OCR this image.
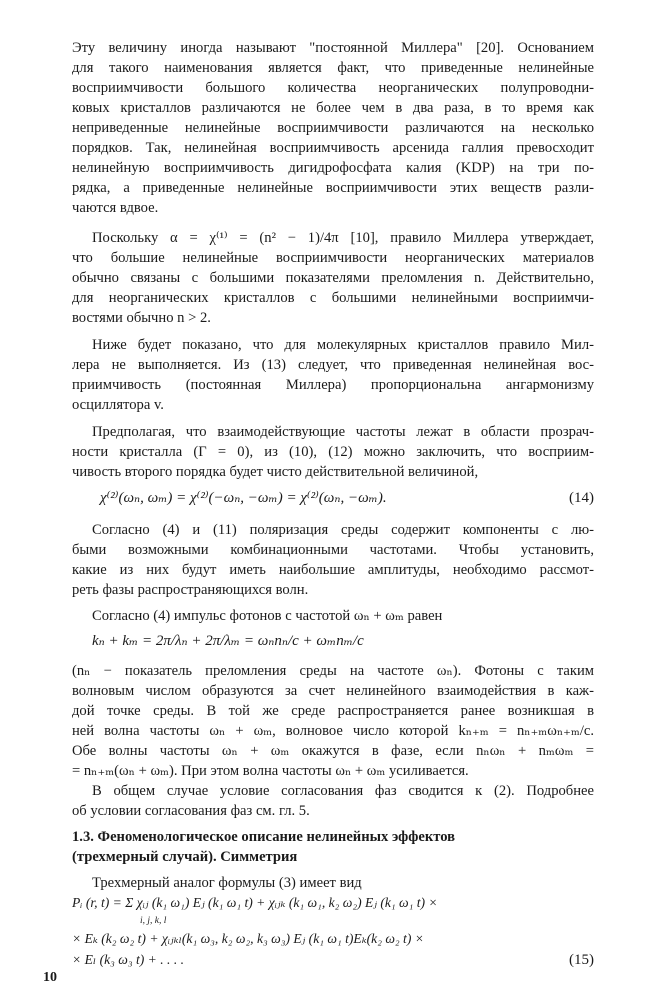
Эту величину иногда называют "постоянной Миллера" [20]. Основанием
для такого наименования является факт, что приведенные нелинейные
восприимчивости большого количества неорганических полупроводни-
ковых кристаллов различаются не более чем в два раза, в то время как
неприведенные нелинейные восприимчивости различаются на несколько
порядков. Так, нелинейная восприимчивость арсенида галлия превосходит
нелинейную восприимчивость дигидрофосфата калия (KDP) на три по-
рядка, а приведенные нелинейные восприимчивости этих веществ разли-
чаются вдвое.
Поскольку α = χ⁽¹⁾ = (n² − 1)/4π [10], правило Миллера утверждает,
что большие нелинейные восприимчивости неорганических материалов
обычно связаны с большими показателями преломления n. Действительно,
для неорганических кристаллов с большими нелинейными восприимчи-
востями обычно n > 2.
Ниже будет показано, что для молекулярных кристаллов правило Мил-
лера не выполняется. Из (13) следует, что приведенная нелинейная вос-
приимчивость (постоянная Миллера) пропорциональна ангармонизму
осциллятора v.
Предполагая, что взаимодействующие частоты лежат в области прозрач-
ности кристалла (Γ = 0), из (10), (12) можно заключить, что восприим-
чивость второго порядка будет чисто действительной величиной,
χ⁽²⁾(ωₙ, ωₘ) = χ⁽²⁾(−ωₙ, −ωₘ) = χ⁽²⁾(ωₙ, −ωₘ).	(14)
Согласно (4) и (11) поляризация среды содержит компоненты с лю-
быми возможными комбинационными частотами. Чтобы установить,
какие из них будут иметь наибольшие амплитуды, необходимо рассмот-
реть фазы распространяющихся волн.
Согласно (4) импульс фотонов с частотой ωₙ + ωₘ равен
kₙ + kₘ = 2π/λₙ + 2π/λₘ = ωₙnₙ/c + ωₘnₘ/c
(nₙ − показатель преломления среды на частоте ωₙ). Фотоны с таким
волновым числом образуются за счет нелинейного взаимодействия в каж-
дой точке среды. В той же среде распространяется ранее возникшая в
ней волна частоты ωₙ + ωₘ, волновое число которой kₙ₊ₘ = nₙ₊ₘωₙ₊ₘ/c.
Обе волны частоты ωₙ + ωₘ окажутся в фазе, если nₙωₙ + nₘωₘ =
= nₙ₊ₘ(ωₙ + ωₘ). При этом волна частоты ωₙ + ωₘ усиливается.
В общем случае условие согласования фаз сводится к (2). Подробнее
об условии согласования фаз см. гл. 5.
1.3. Феноменологическое описание нелинейных эффектов
(трехмерный случай). Симметрия
Трехмерный аналог формулы (3) имеет вид
Pᵢ (r, t) = Σ χᵢⱼ (k₁ ω₁) Eⱼ (k₁ ω₁ t) + χᵢⱼₖ (k₁ ω₁, k₂ ω₂) Eⱼ (k₁ ω₁ t) ×
i, j, k, l
× Eₖ (k₂ ω₂ t) + χᵢⱼₖₗ(k₁ ω₃, k₂ ω₂, k₃ ω₃) Eⱼ (k₁ ω₁ t)Eₖ(k₂ ω₂ t) ×
× Eₗ (k₃ ω₃ t) + . . . .	(15)
10
